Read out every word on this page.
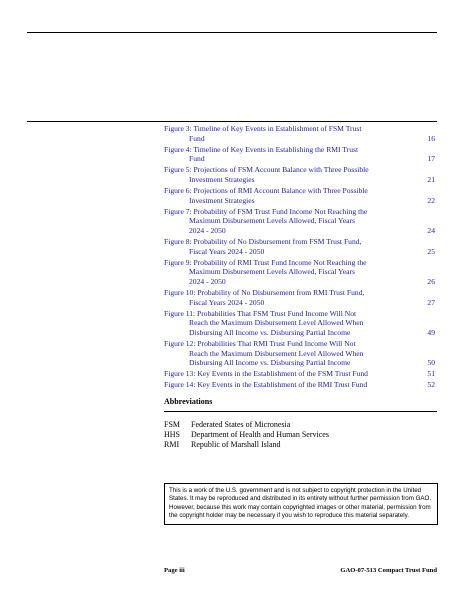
Figure 3: Timeline of Key Events in Establishment of FSM Trust
Fund	16
Figure 4: Timeline of Key Events in Establishing the RMI Trust
Fund	17
Figure 5: Projections of FSM Account Balance with Three Possible
Investment Strategies	21
Figure 6: Projections of RMI Account Balance with Three Possible
Investment Strategies	22
Figure 7: Probability of FSM Trust Fund Income Not Reaching the
Maximum Disbursement Levels Allowed, Fiscal Years
2024 - 2050	24
Figure 8: Probability of No Disbursement from FSM Trust Fund,
Fiscal Years 2024 - 2050	25
Figure 9: Probability of RMI Trust Fund Income Not Reaching the
Maximum Disbursement Levels Allowed, Fiscal Years
2024 - 2050	26
Figure 10: Probability of No Disbursement from RMI Trust Fund,
Fiscal Years 2024 - 2050	27
Figure 11: Probabilities That FSM Trust Fund Income Will Not
Reach the Maximum Disbursement Level Allowed When
Disbursing All Income vs. Disbursing Partial Income	49
Figure 12: Probabilities That RMI Trust Fund Income Will Not
Reach the Maximum Disbursement Level Allowed When
Disbursing All Income vs. Disbursing Partial Income	50
Figure 13: Key Events in the Establishment of the FSM Trust Fund	51
Figure 14: Key Events in the Establishment of the RMI Trust Fund	52
Abbreviations
FSM	Federated States of Micronesia
HHS	Department of Health and Human Services
RMI	Republic of Marshall Island
This is a work of the U.S. government and is not subject to copyright protection in the United States. It may be reproduced and distributed in its entirety without further permission from GAO. However, because this work may contain copyrighted images or other material, permission from the copyright holder may be necessary if you wish to reproduce this material separately.
Page iii	GAO-07-513 Compact Trust Fund
